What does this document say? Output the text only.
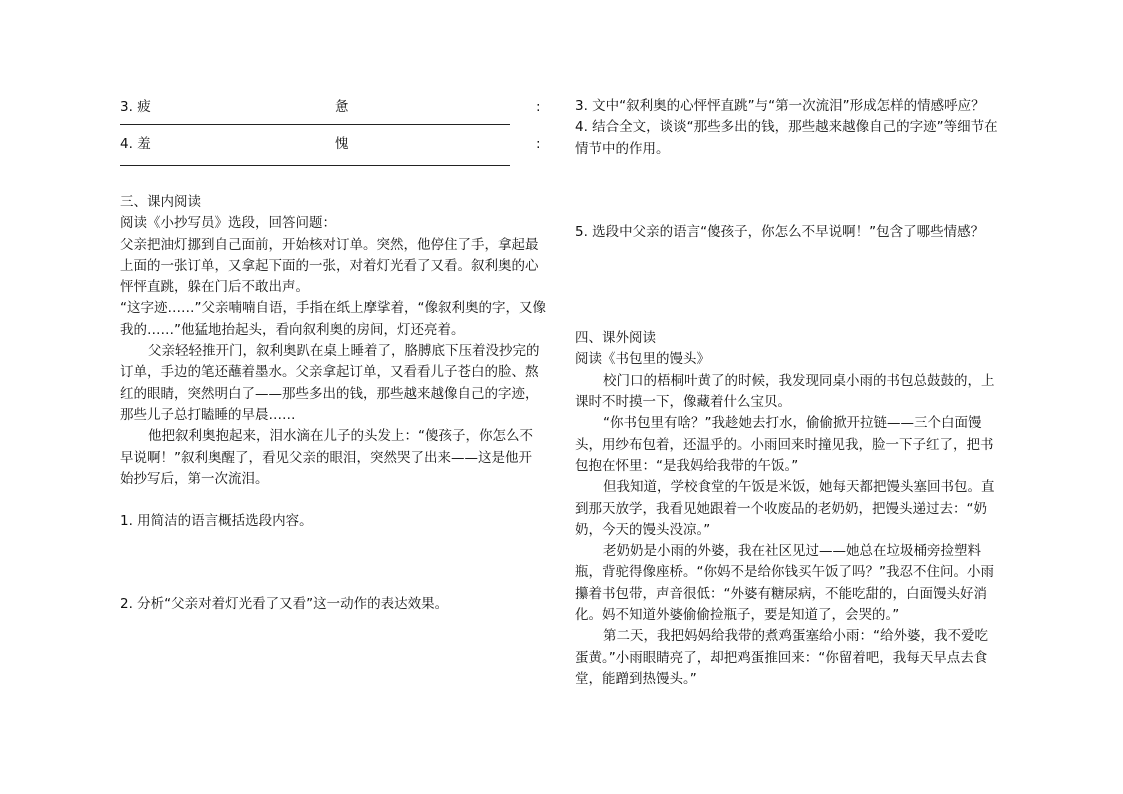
3. 疲	惫	:
4. 羞	愧	:
三、课内阅读
阅读《小抄写员》选段，回答问题：
父亲把油灯挪到自己面前，开始核对订单。突然，他停住了手，拿起最
上面的一张订单，又拿起下面的一张，对着灯光看了又看。叙利奥的心
怦怦直跳，躲在门后不敢出声。
“这字迹……”父亲喃喃自语，手指在纸上摩挲着，“像叙利奥的字，又像
我的……”他猛地抬起头，看向叙利奥的房间，灯还亮着。
父亲轻轻推开门，叙利奥趴在桌上睡着了，胳膊底下压着没抄完的
订单，手边的笔还蘸着墨水。父亲拿起订单，又看看儿子苍白的脸、熬
红的眼睛，突然明白了——那些多出的钱，那些越来越像自己的字迹，
那些儿子总打瞌睡的早晨……
他把叙利奥抱起来，泪水滴在儿子的头发上：“傻孩子，你怎么不
早说啊！”叙利奥醒了，看见父亲的眼泪，突然哭了出来——这是他开
始抄写后，第一次流泪。
1. 用简洁的语言概括选段内容。
2. 分析“父亲对着灯光看了又看”这一动作的表达效果。
3. 文中“叙利奥的心怦怦直跳”与“第一次流泪”形成怎样的情感呼应？
4. 结合全文，谈谈“那些多出的钱，那些越来越像自己的字迹”等细节在
情节中的作用。
5. 选段中父亲的语言“傻孩子，你怎么不早说啊！”包含了哪些情感？
四、课外阅读
阅读《书包里的馒头》
校门口的梧桐叶黄了的时候，我发现同桌小雨的书包总鼓鼓的，上
课时不时摸一下，像藏着什么宝贝。
“你书包里有啥？”我趁她去打水，偷偷掀开拉链——三个白面馒
头，用纱布包着，还温乎的。小雨回来时撞见我，脸一下子红了，把书
包抱在怀里：“是我妈给我带的午饭。”
但我知道，学校食堂的午饭是米饭，她每天都把馒头塞回书包。直
到那天放学，我看见她跟着一个收废品的老奶奶，把馒头递过去：“奶
奶，今天的馒头没凉。”
老奶奶是小雨的外婆，我在社区见过——她总在垃圾桶旁捡塑料
瓶，背驼得像座桥。“你妈不是给你钱买午饭了吗？”我忍不住问。小雨
攥着书包带，声音很低：“外婆有糖尿病，不能吃甜的，白面馒头好消
化。妈不知道外婆偷偷捡瓶子，要是知道了，会哭的。”
第二天，我把妈妈给我带的煮鸡蛋塞给小雨：“给外婆，我不爱吃
蛋黄。”小雨眼睛亮了，却把鸡蛋推回来：“你留着吧，我每天早点去食
堂，能蹭到热馒头。”
